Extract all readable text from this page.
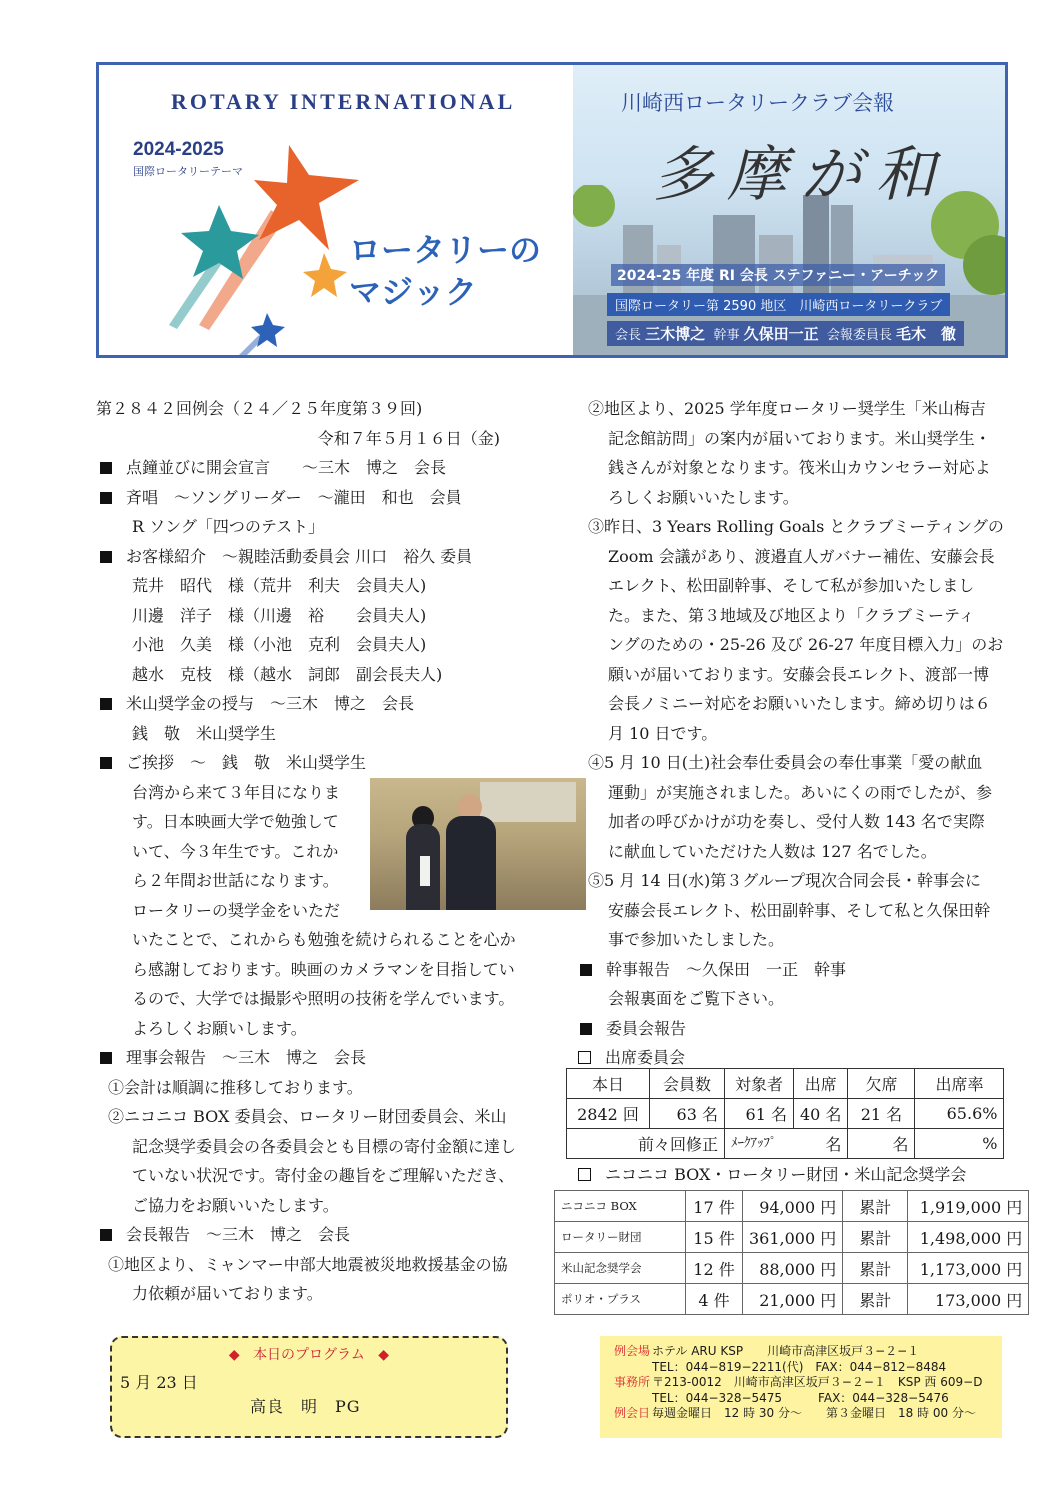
ROTARY INTERNATIONAL
2024-2025
国際ロータリーテーマ
ロータリーの
マジック
川崎西ロータリークラブ会報
多摩が和
2024-25 年度 RI 会長 ステファニー・アーチック
国際ロータリー第 2590 地区　川崎西ロータリークラブ
会長 三木博之 幹事 久保田一正 会報委員長 毛木　徹
第２８４２回例会（２４／２５年度第３９回)
令和７年５月１６日（金)
点鐘並びに開会宣言　　～三木　博之　会長
斉唱　～ソングリーダー　～瀧田　和也　会員
R ソング「四つのテスト」
お客様紹介　～親睦活動委員会 川口　裕久 委員
荒井　昭代　様（荒井　利夫　会員夫人)
川邊　洋子　様（川邊　裕　　会員夫人)
小池　久美　様（小池　克利　会員夫人)
越水　克枝　様（越水　詞郎　副会長夫人)
米山奨学金の授与　～三木　博之　会長
銭　敬　米山奨学生
ご挨拶　～　銭　敬　米山奨学生
台湾から来て３年目になりま
す。日本映画大学で勉強して
いて、今３年生です。これか
ら２年間お世話になります。
ロータリーの奨学金をいただ
いたことで、これからも勉強を続けられることを心か
ら感謝しております。映画のカメラマンを目指してい
るので、大学では撮影や照明の技術を学んでいます。
よろしくお願いします。
理事会報告　～三木　博之　会長
①会計は順調に推移しております。
②ニコニコ BOX 委員会、ロータリー財団委員会、米山
記念奨学委員会の各委員会とも目標の寄付金額に達し
ていない状況です。寄付金の趣旨をご理解いただき、
ご協力をお願いいたします。
会長報告　～三木　博之　会長
①地区より、ミャンマー中部大地震被災地救援基金の協
力依頼が届いております。
②地区より、2025 学年度ロータリー奨学生「米山梅吉
記念館訪問」の案内が届いております。米山奨学生・
銭さんが対象となります。筏米山カウンセラー対応よ
ろしくお願いいたします。
③昨日、3 Years Rolling Goals とクラブミーティングの
Zoom 会議があり、渡邉直人ガバナー補佐、安藤会長
エレクト、松田副幹事、そして私が参加いたしまし
た。また、第３地域及び地区より「クラブミーティ
ングのための・25-26 及び 26-27 年度目標入力」のお
願いが届いております。安藤会長エレクト、渡部一博
会長ノミニー対応をお願いいたします。締め切りは６
月 10 日です。
④5 月 10 日(土)社会奉仕委員会の奉仕事業「愛の献血
運動」が実施されました。あいにくの雨でしたが、参
加者の呼びかけが功を奏し、受付人数 143 名で実際
に献血していただけた人数は 127 名でした。
⑤5 月 14 日(水)第３グループ現次合同会長・幹事会に
安藤会長エレクト、松田副幹事、そして私と久保田幹
事で参加いたしました。
幹事報告　～久保田　一正　幹事
会報裏面をご覧下さい。
委員会報告
出席委員会
本日	会員数	対象者	出席	欠席	出席率
2842 回	63 名	61 名	40 名	21 名	65.6%
前々回修正		ﾒｰｸｱｯﾌﾟ 名		名	%
ニコニコ BOX・ロータリー財団・米山記念奨学会
ニコニコ BOX	17 件	94,000 円	累計	1,919,000 円
ロータリー財団	15 件	361,000 円	累計	1,498,000 円
米山記念奨学会	12 件	88,000 円	累計	1,173,000 円
ポリオ・プラス	4 件	21,000 円	累計	173,000 円
◆ 本日のプログラム ◆
5 月 23 日
高良　明　PG
例会場 ホテル ARU KSP　　川崎市高津区坂戸３−２−１
TEL：044−819−2211(代)　FAX：044−812−8484
事務所 〒213-0012　川崎市高津区坂戸３−２−１　KSP 西 609−D
TEL：044−328−5475　　　FAX：044−328−5476
例会日 毎週金曜日　12 時 30 分〜　　第３金曜日　18 時 00 分〜
